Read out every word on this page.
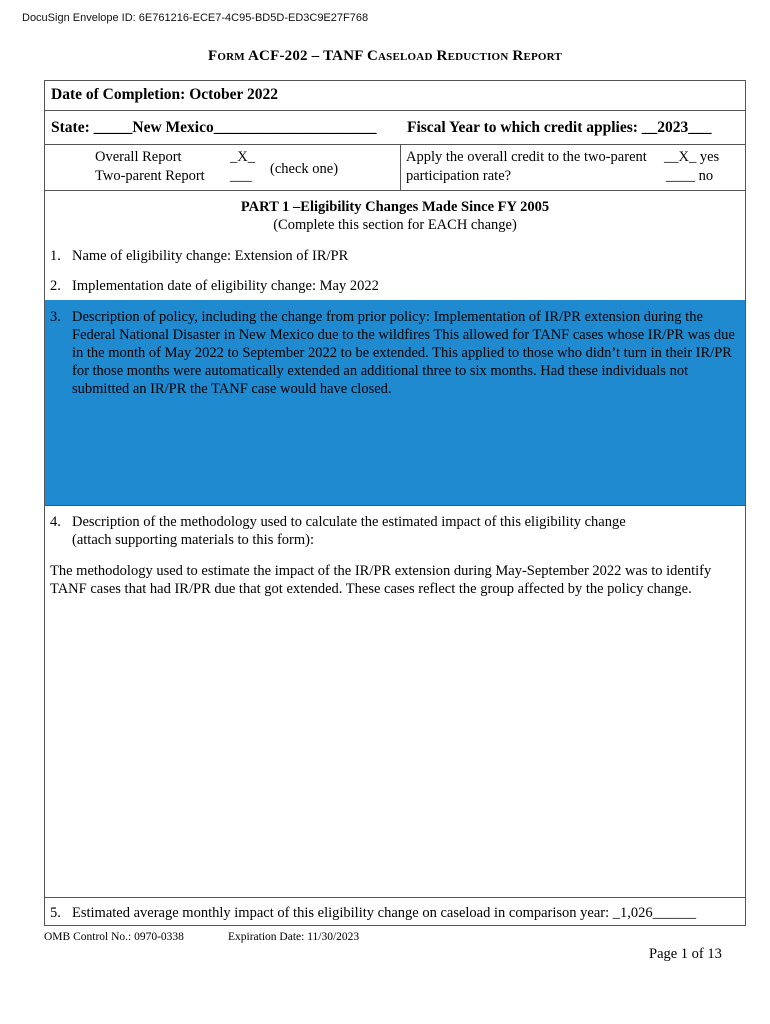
DocuSign Envelope ID: 6E761216-ECE7-4C95-BD5D-ED3C9E27F768
Form ACF-202 – TANF Caseload Reduction Report
Date of Completion: October 2022
State: _____New Mexico_____________________ Fiscal Year to which credit applies: __2023___
Overall Report	_X_
Two-parent Report ___ (check one)
Apply the overall credit to the two-parent
participation rate?
__X_ yes
____ no
PART 1 –Eligibility Changes Made Since FY 2005
(Complete this section for EACH change)
1. Name of eligibility change: Extension of IR/PR
2. Implementation date of eligibility change: May 2022
3. Description of policy, including the change from prior policy: Implementation of IR/PR extension during the Federal National Disaster in New Mexico due to the wildfires This allowed for TANF cases whose IR/PR was due in the month of May 2022 to September 2022 to be extended. This applied to those who didn’t turn in their IR/PR for those months were automatically extended an additional three to six months. Had these individuals not submitted an IR/PR the TANF case would have closed.
4. Description of the methodology used to calculate the estimated impact of this eligibility change
(attach supporting materials to this form):
The methodology used to estimate the impact of the IR/PR extension during May-September 2022 was to identify TANF cases that had IR/PR due that got extended. These cases reflect the group affected by the policy change.
5. Estimated average monthly impact of this eligibility change on caseload in comparison year: _1,026______
OMB Control No.: 0970-0338	Expiration Date: 11/30/2023
Page 1 of 13
